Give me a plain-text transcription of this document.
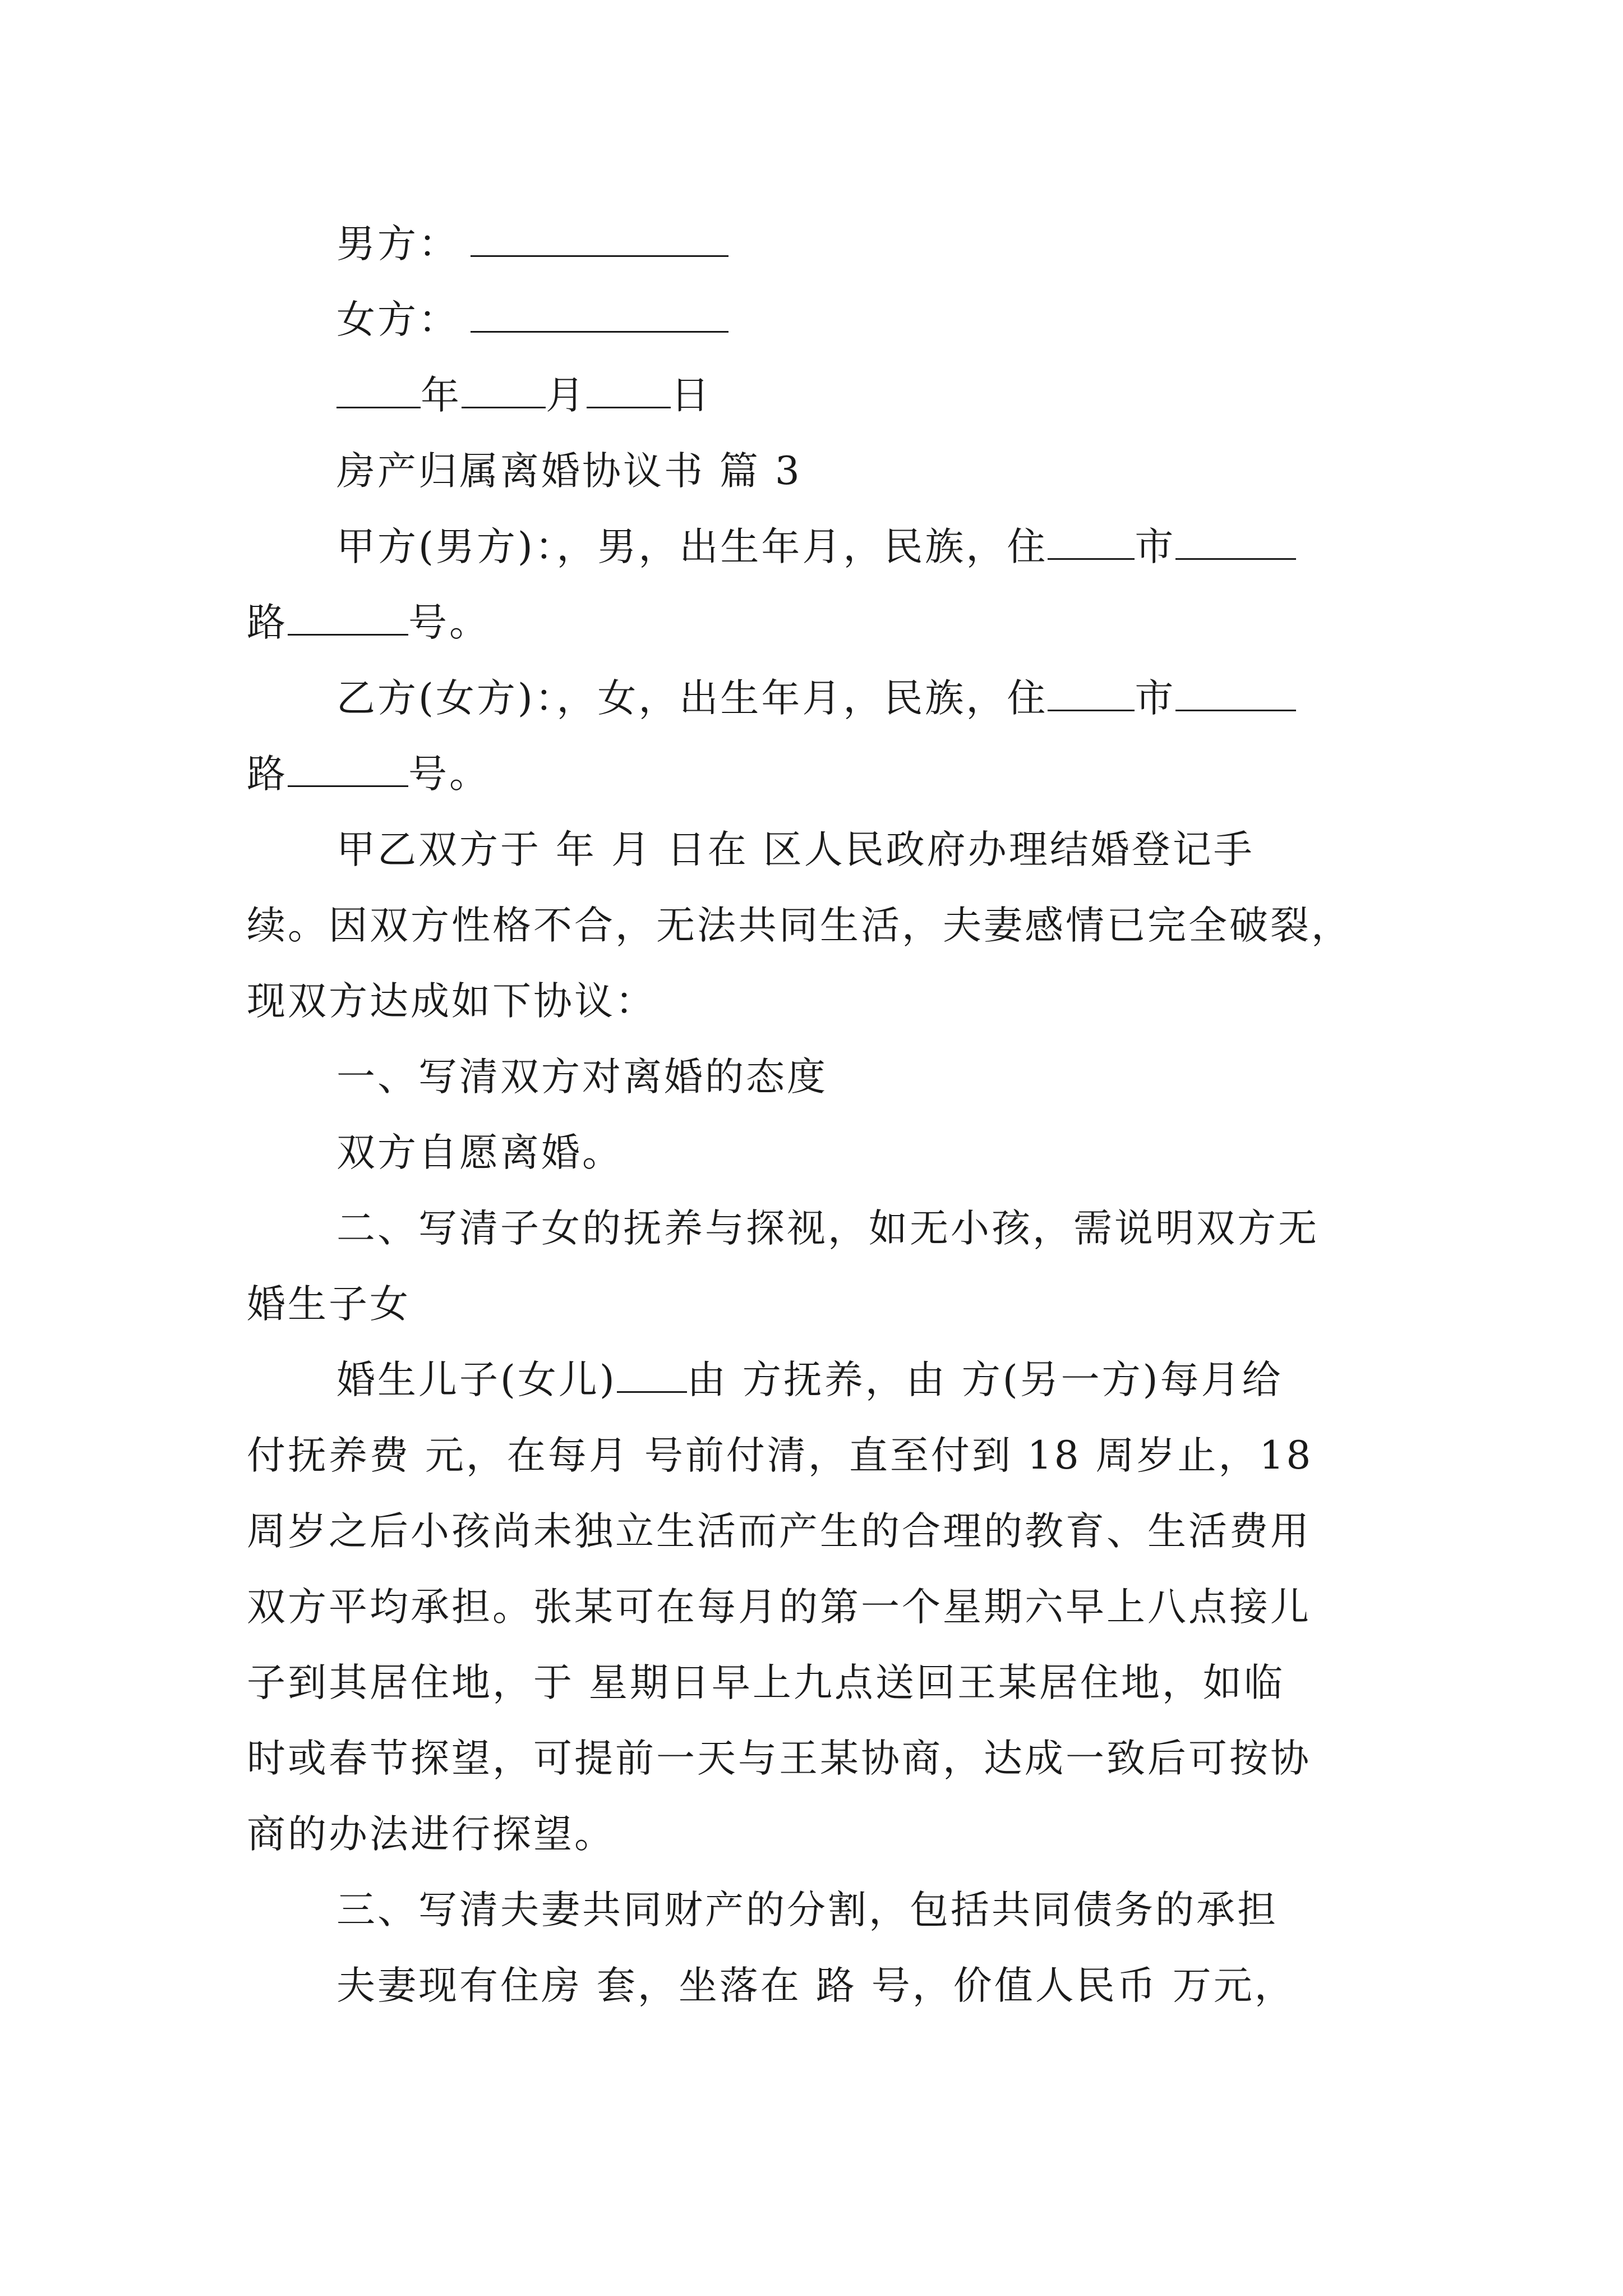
男方：
女方：
年 月 日
房产归属离婚协议书 篇 3
甲方(男方)：，男，出生年月，民族，住 市
路	号。
乙方(女方)：，女，出生年月，民族，住 市
路	号。
甲乙双方于 年 月 日在 区人民政府办理结婚登记手
续。因双方性格不合，无法共同生活，夫妻感情已完全破裂，
现双方达成如下协议：
一、写清双方对离婚的态度
双方自愿离婚。
二、写清子女的抚养与探视，如无小孩，需说明双方无
婚生子女
婚生儿子(女儿) 由 方抚养，由 方(另一方)每月给
付抚养费 元，在每月 号前付清，直至付到 18 周岁止，18
周岁之后小孩尚未独立生活而产生的合理的教育、生活费用
双方平均承担。张某可在每月的第一个星期六早上八点接儿
子到其居住地，于 星期日早上九点送回王某居住地，如临
时或春节探望，可提前一天与王某协商，达成一致后可按协
商的办法进行探望。
三、写清夫妻共同财产的分割，包括共同债务的承担
夫妻现有住房 套，坐落在 路 号，价值人民币 万元，
